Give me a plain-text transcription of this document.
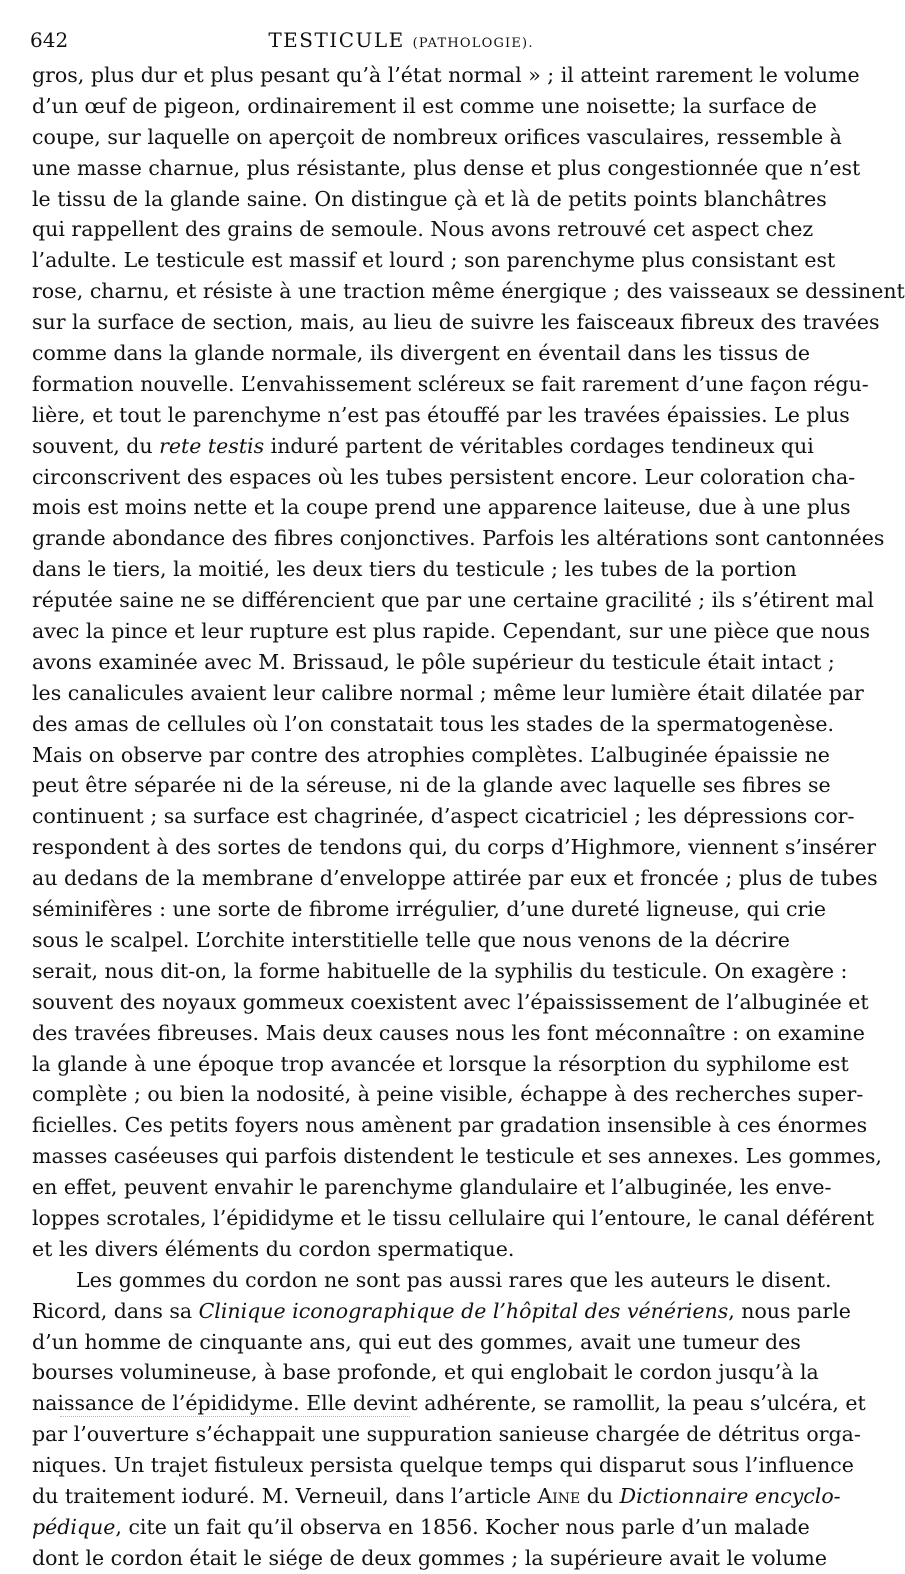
642	TESTICULE (PATHOLOGIE).
gros, plus dur et plus pesant qu’à l’état normal » ; il atteint rarement le volume
d’un œuf de pigeon, ordinairement il est comme une noisette; la surface de
coupe, sur laquelle on aperçoit de nombreux orifices vasculaires, ressemble à
une masse charnue, plus résistante, plus dense et plus congestionnée que n’est
le tissu de la glande saine. On distingue çà et là de petits points blanchâtres
qui rappellent des grains de semoule. Nous avons retrouvé cet aspect chez
l’adulte. Le testicule est massif et lourd ; son parenchyme plus consistant est
rose, charnu, et résiste à une traction même énergique ; des vaisseaux se dessinent
sur la surface de section, mais, au lieu de suivre les faisceaux fibreux des travées
comme dans la glande normale, ils divergent en éventail dans les tissus de
formation nouvelle. L’envahissement scléreux se fait rarement d’une façon régu-
lière, et tout le parenchyme n’est pas étouffé par les travées épaissies. Le plus
souvent, du rete testis induré partent de véritables cordages tendineux qui
circonscrivent des espaces où les tubes persistent encore. Leur coloration cha-
mois est moins nette et la coupe prend une apparence laiteuse, due à une plus
grande abondance des fibres conjonctives. Parfois les altérations sont cantonnées
dans le tiers, la moitié, les deux tiers du testicule ; les tubes de la portion
réputée saine ne se différencient que par une certaine gracilité ; ils s’étirent mal
avec la pince et leur rupture est plus rapide. Cependant, sur une pièce que nous
avons examinée avec M. Brissaud, le pôle supérieur du testicule était intact ;
les canalicules avaient leur calibre normal ; même leur lumière était dilatée par
des amas de cellules où l’on constatait tous les stades de la spermatogenèse.
Mais on observe par contre des atrophies complètes. L’albuginée épaissie ne
peut être séparée ni de la séreuse, ni de la glande avec laquelle ses fibres se
continuent ; sa surface est chagrinée, d’aspect cicatriciel ; les dépressions cor-
respondent à des sortes de tendons qui, du corps d’Highmore, viennent s’insérer
au dedans de la membrane d’enveloppe attirée par eux et froncée ; plus de tubes
séminifères : une sorte de fibrome irrégulier, d’une dureté ligneuse, qui crie
sous le scalpel. L’orchite interstitielle telle que nous venons de la décrire
serait, nous dit-on, la forme habituelle de la syphilis du testicule. On exagère :
souvent des noyaux gommeux coexistent avec l’épaississement de l’albuginée et
des travées fibreuses. Mais deux causes nous les font méconnaître : on examine
la glande à une époque trop avancée et lorsque la résorption du syphilome est
complète ; ou bien la nodosité, à peine visible, échappe à des recherches super-
ficielles. Ces petits foyers nous amènent par gradation insensible à ces énormes
masses caséeuses qui parfois distendent le testicule et ses annexes. Les gommes,
en effet, peuvent envahir le parenchyme glandulaire et l’albuginée, les enve-
loppes scrotales, l’épididyme et le tissu cellulaire qui l’entoure, le canal déférent
et les divers éléments du cordon spermatique.
Les gommes du cordon ne sont pas aussi rares que les auteurs le disent.
Ricord, dans sa Clinique iconographique de l’hôpital des vénériens, nous parle
d’un homme de cinquante ans, qui eut des gommes, avait une tumeur des
bourses volumineuse, à base profonde, et qui englobait le cordon jusqu’à la
naissance de l’épididyme. Elle devint adhérente, se ramollit, la peau s’ulcéra, et
par l’ouverture s’échappait une suppuration sanieuse chargée de détritus orga-
niques. Un trajet fistuleux persista quelque temps qui disparut sous l’influence
du traitement ioduré. M. Verneuil, dans l’article Aine du Dictionnaire encyclo-
pédique, cite un fait qu’il observa en 1856. Kocher nous parle d’un malade
dont le cordon était le siége de deux gommes ; la supérieure avait le volume
